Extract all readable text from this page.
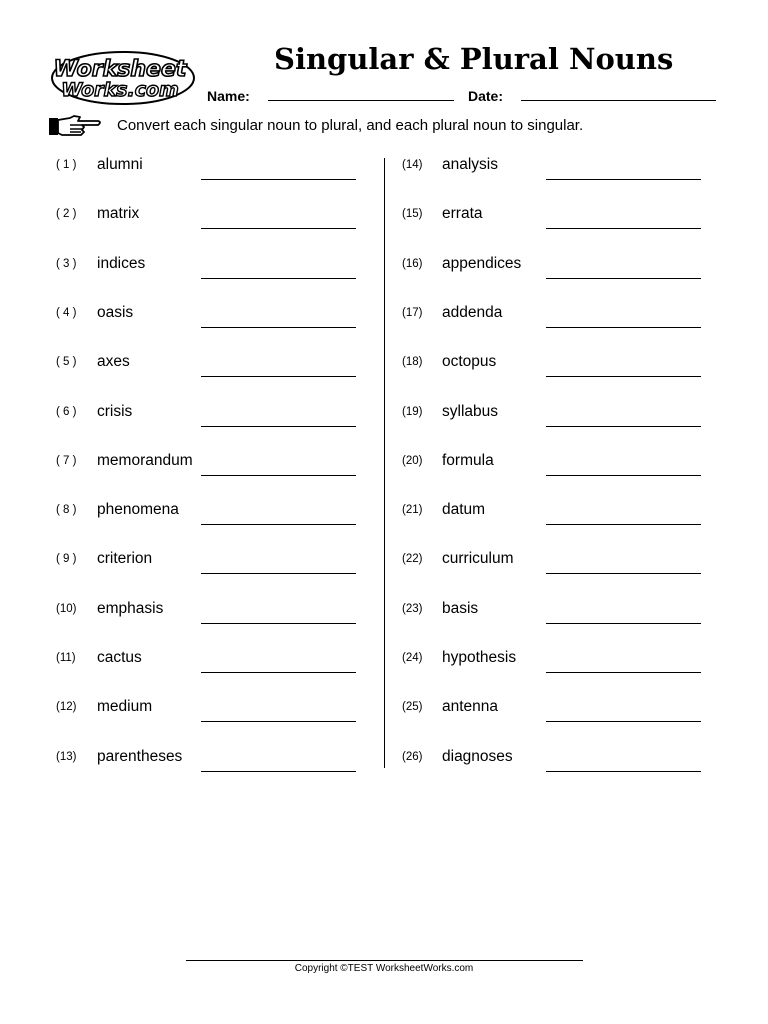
Worksheet
Works.com
Singular & Plural Nouns
Name:	Date:
Convert each singular noun to plural, and each plural noun to singular.
( 1 ) alumni
( 2 ) matrix
( 3 ) indices
( 4 ) oasis
( 5 ) axes
( 6 ) crisis
( 7 ) memorandum
( 8 ) phenomena
( 9 ) criterion
(10) emphasis
(11) cactus
(12) medium
(13) parentheses
(14) analysis
(15) errata
(16) appendices
(17) addenda
(18) octopus
(19) syllabus
(20) formula
(21) datum
(22) curriculum
(23) basis
(24) hypothesis
(25) antenna
(26) diagnoses
Copyright ©TEST WorksheetWorks.com
